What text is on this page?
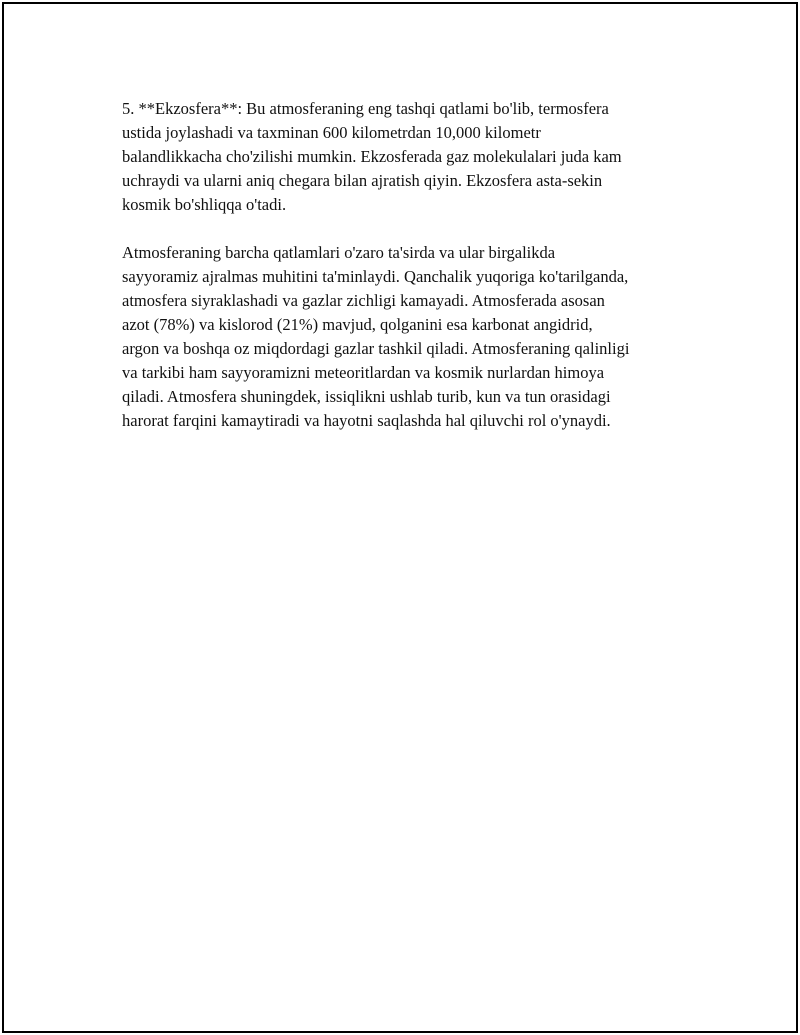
5. **Ekzosfera**: Bu atmosferaning eng tashqi qatlami bo'lib, termosfera
ustida joylashadi va taxminan 600 kilometrdan 10,000 kilometr
balandlikkacha cho'zilishi mumkin. Ekzosferada gaz molekulalari juda kam
uchraydi va ularni aniq chegara bilan ajratish qiyin. Ekzosfera asta-sekin
kosmik bo'shliqqa o'tadi.

Atmosferaning barcha qatlamlari o'zaro ta'sirda va ular birgalikda
sayyoramiz ajralmas muhitini ta'minlaydi. Qanchalik yuqoriga ko'tarilganda,
atmosfera siyraklashadi va gazlar zichligi kamayadi. Atmosferada asosan
azot (78%) va kislorod (21%) mavjud, qolganini esa karbonat angidrid,
argon va boshqa oz miqdordagi gazlar tashkil qiladi. Atmosferaning qalinligi
va tarkibi ham sayyoramizni meteoritlardan va kosmik nurlardan himoya
qiladi. Atmosfera shuningdek, issiqlikni ushlab turib, kun va tun orasidagi
harorat farqini kamaytiradi va hayotni saqlashda hal qiluvchi rol o'ynaydi.
